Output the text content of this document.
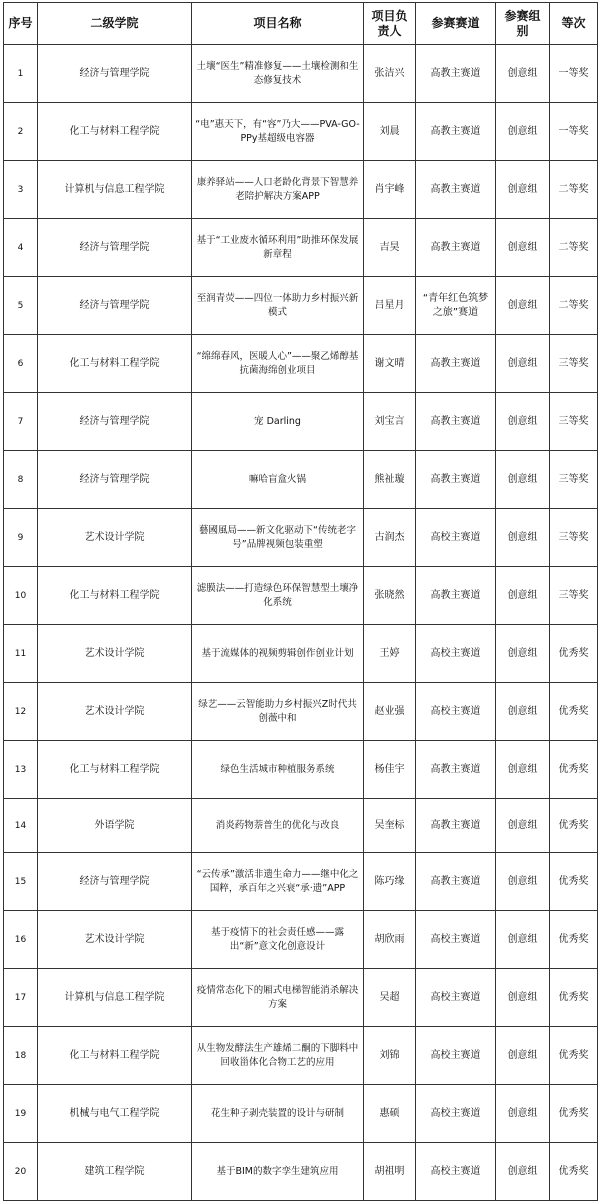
序号	二级学院	项目名称	项目负责人	参赛赛道	参赛组别	等次
1	经济与管理学院	土壤“医生”精准修复——土壤检测和生态修复技术	张洁兴	高教主赛道	创意组	一等奖
2	化工与材料工程学院	“电”惠天下，有“容”乃大——PVA-GO-PPy基超级电容器	刘晨	高教主赛道	创意组	一等奖
3	计算机与信息工程学院	康养驿站——人口老龄化背景下智慧养老陪护解决方案APP	肖宇峰	高教主赛道	创意组	二等奖
4	经济与管理学院	基于“工业废水循环利用”助推环保发展新章程	吉昊	高教主赛道	创意组	二等奖
5	经济与管理学院	至润青荧——四位一体助力乡村振兴新模式	吕星月	“青年红色筑梦之旅”赛道	创意组	二等奖
6	化工与材料工程学院	“绵绵春风，医暖人心”——聚乙烯醇基抗菌海绵创业项目	谢文晴	高教主赛道	创意组	三等奖
7	经济与管理学院	宠 Darling	刘宝言	高教主赛道	创意组	三等奖
8	经济与管理学院	嘛哈盲盒火锅	熊祉璇	高教主赛道	创意组	三等奖
9	艺术设计学院	藝國風局——新文化驱动下“传统老字号”品牌视频包装重塑	古润杰	高校主赛道	创意组	三等奖
10	化工与材料工程学院	滤膜法——打造绿色环保智慧型土壤净化系统	张晓然	高教主赛道	创意组	三等奖
11	艺术设计学院	基于流媒体的视频剪辑创作创业计划	王婷	高校主赛道	创意组	优秀奖
12	艺术设计学院	绿艺——云智能助力乡村振兴Z时代共创薇中和	赵业强	高校主赛道	创意组	优秀奖
13	化工与材料工程学院	绿色生活城市种植服务系统	杨佳宇	高教主赛道	创意组	优秀奖
14	外语学院	消炎药物萘普生的优化与改良	吴奎标	高教主赛道	创意组	优秀奖
15	经济与管理学院	“云传承”激活非遗生命力——继中化之国粹，承百年之兴衰“承·遗”APP	陈巧缘	高教主赛道	创意组	优秀奖
16	艺术设计学院	基于疫情下的社会责任感——露出“新”意文化创意设计	胡欣雨	高校主赛道	创意组	优秀奖
17	计算机与信息工程学院	疫情常态化下的厢式电梯智能消杀解决方案	吴超	高校主赛道	创意组	优秀奖
18	化工与材料工程学院	从生物发酵法生产雄烯二酮的下脚料中回收甾体化合物工艺的应用	刘锦	高校主赛道	创意组	优秀奖
19	机械与电气工程学院	花生种子剥壳装置的设计与研制	惠硕	高校主赛道	创意组	优秀奖
20	建筑工程学院	基于BIM的数字孪生建筑应用	胡祖明	高校主赛道	创意组	优秀奖
